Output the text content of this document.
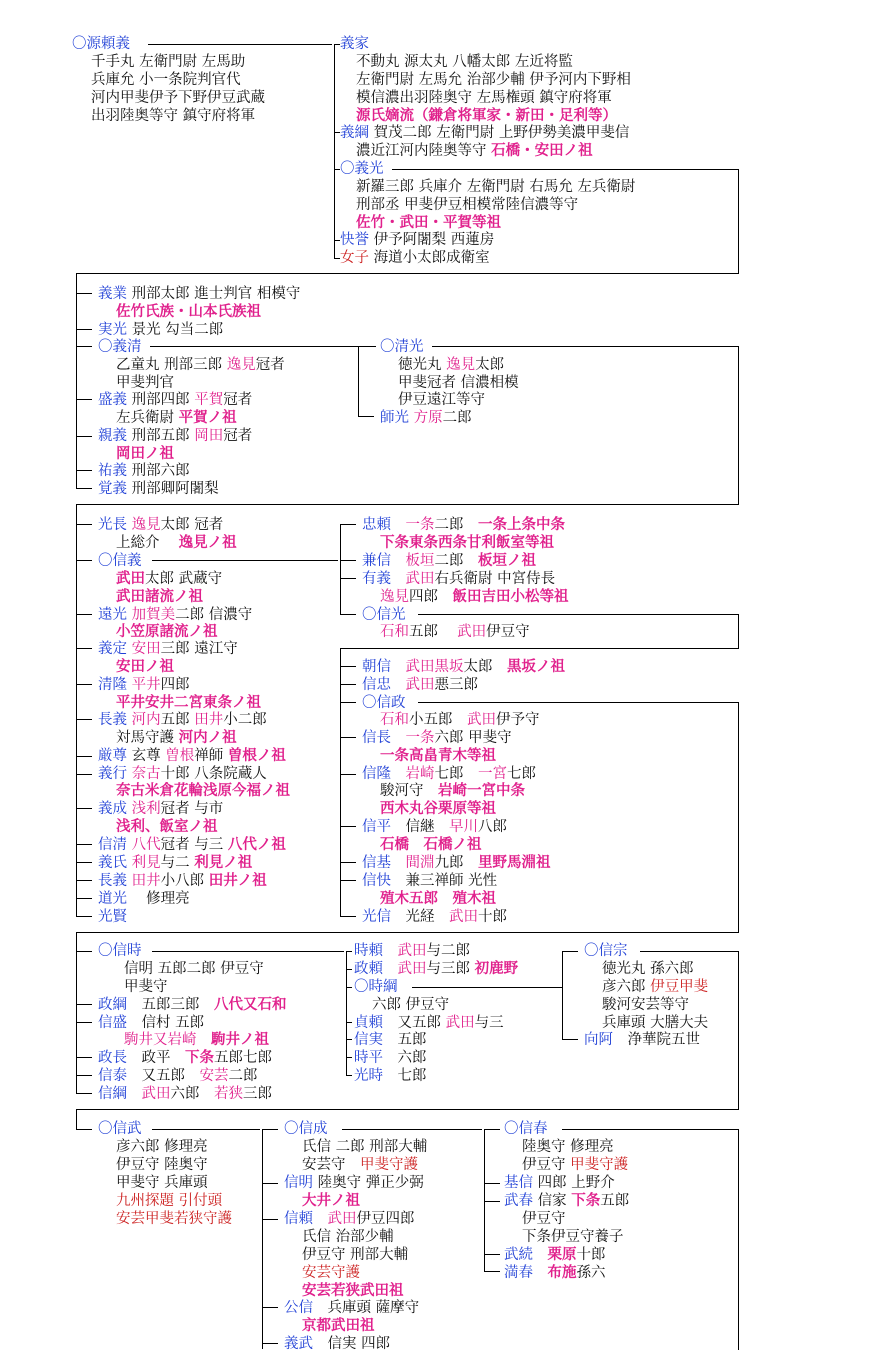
〇源頼義
千手丸 左衛門尉 左馬助
兵庫允 小一条院判官代
河内甲斐伊予下野伊豆武蔵
出羽陸奥等守 鎮守府将軍
義家
不動丸 源太丸 八幡太郎 左近将監
左衛門尉 左馬允 治部少輔 伊予河内下野相
模信濃出羽陸奥守 左馬権頭 鎮守府将軍
源氏嫡流（鎌倉将軍家・新田・足利等）
義綱 賀茂二郎 左衛門尉 上野伊勢美濃甲斐信
濃近江河内陸奥等守 石橋・安田ノ祖
〇義光
新羅三郎 兵庫介 左衛門尉 右馬允 左兵衛尉
刑部丞 甲斐伊豆相模常陸信濃等守
佐竹・武田・平賀等祖
快誉 伊予阿闍梨 西蓮房
女子 海道小太郎成衛室
義業 刑部太郎 進士判官 相模守
佐竹氏族・山本氏族祖
実光 景光 勾当二郎
〇義清
乙童丸 刑部三郎 逸見冠者
甲斐判官
盛義 刑部四郎 平賀冠者
左兵衛尉 平賀ノ祖
親義 刑部五郎 岡田冠者
岡田ノ祖
祐義 刑部六郎
覚義 刑部卿阿闍梨
〇清光
徳光丸 逸見太郎
甲斐冠者 信濃相模
伊豆遠江等守
師光 方原二郎
光長 逸見太郎 冠者
上総介　 逸見ノ祖
〇信義
武田太郎 武蔵守
武田諸流ノ祖
遠光 加賀美二郎 信濃守
小笠原諸流ノ祖
義定 安田三郎 遠江守
安田ノ祖
清隆 平井四郎
平井安井二宮東条ノ祖
長義 河内五郎 田井小二郎
対馬守護 河内ノ祖
厳尊 玄尊 曽根禅師 曽根ノ祖
義行 奈古十郎 八条院蔵人
奈古米倉花輪浅原今福ノ祖
義成 浅利冠者 与市
浅利、飯室ノ祖
信清 八代冠者 与三 八代ノ祖
義氏 利見与二 利見ノ祖
長義 田井小八郎 田井ノ祖
道光　 修理亮
光賢
忠頼　 一条二郎　 一条上条中条
下条東条西条甘利飯室等祖
兼信　 板垣二郎　 板垣ノ祖
有義　 武田右兵衛尉 中宮侍長
逸見四郎　 飯田吉田小松等祖
〇信光
石和五郎　 武田伊豆守
朝信　 武田黒坂太郎　 黒坂ノ祖
信忠　 武田悪三郎
〇信政
石和小五郎　 武田伊予守
信長　 一条六郎 甲斐守
一条高畠青木等祖
信隆　 岩崎七郎　 一宮七郎
駿河守　 岩崎一宮中条
西木丸谷栗原等祖
信平　 信継　 早川八郎
石橋　 石橋ノ祖
信基　 間淵九郎　 里野馬淵祖
信快　 兼三禅師 光性
殖木五郎　 殖木祖
光信　 光経　 武田十郎
〇信時
信明 五郎二郎 伊豆守
甲斐守
政綱　 五郎三郎　 八代又石和
信盛　 信村 五郎
駒井又岩崎　 駒井ノ祖
政長　 政平　 下条五郎七郎
信泰　 又五郎　 安芸二郎
信綱　 武田六郎　 若狭三郎
時頼　 武田与二郎
政頼　 武田与三郎 初鹿野
〇時綱
六郎 伊豆守
貞頼　 又五郎 武田与三
信実　 五郎
時平　 六郎
光時　 七郎
〇信宗
徳光丸 孫六郎
彦六郎 伊豆甲斐
駿河安芸等守
兵庫頭 大膳大夫
向阿　 浄華院五世
〇信武
彦六郎 修理亮
伊豆守 陸奥守
甲斐守 兵庫頭
九州探題 引付頭
安芸甲斐若狭守護
〇信成
氏信 二郎 刑部大輔
安芸守　 甲斐守護
信明 陸奥守 弾正少弼
大井ノ祖
信頼　 武田伊豆四郎
氏信 治部少輔
伊豆守 刑部大輔
安芸守護
安芸若狭武田祖
公信　 兵庫頭 薩摩守
京都武田祖
義武　 信実 四郎
〇信春
陸奥守 修理亮
伊豆守 甲斐守護
基信 四郎 上野介
武春 信家 下条五郎
伊豆守
下条伊豆守養子
武続　 栗原十郎
満春　 布施孫六
